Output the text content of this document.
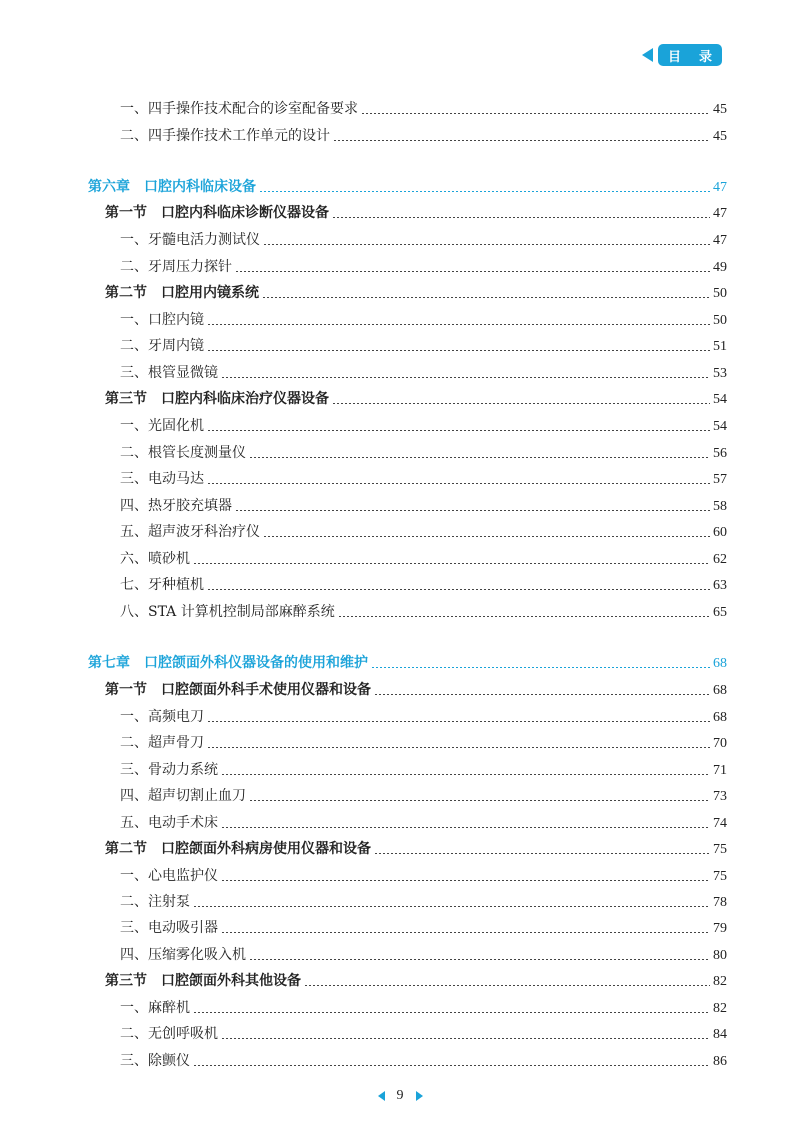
目 录
一、四手操作技术配合的诊室配备要求	45
二、四手操作技术工作单元的设计	45
第六章　口腔内科临床设备	47
第一节　口腔内科临床诊断仪器设备	47
一、牙髓电活力测试仪	47
二、牙周压力探针	49
第二节　口腔用内镜系统	50
一、口腔内镜	50
二、牙周内镜	51
三、根管显微镜	53
第三节　口腔内科临床治疗仪器设备	54
一、光固化机	54
二、根管长度测量仪	56
三、电动马达	57
四、热牙胶充填器	58
五、超声波牙科治疗仪	60
六、喷砂机	62
七、牙种植机	63
八、STA 计算机控制局部麻醉系统	65
第七章　口腔颌面外科仪器设备的使用和维护	68
第一节　口腔颌面外科手术使用仪器和设备	68
一、高频电刀	68
二、超声骨刀	70
三、骨动力系统	71
四、超声切割止血刀	73
五、电动手术床	74
第二节　口腔颌面外科病房使用仪器和设备	75
一、心电监护仪	75
二、注射泵	78
三、电动吸引器	79
四、压缩雾化吸入机	80
第三节　口腔颌面外科其他设备	82
一、麻醉机	82
二、无创呼吸机	84
三、除颤仪	86
9
